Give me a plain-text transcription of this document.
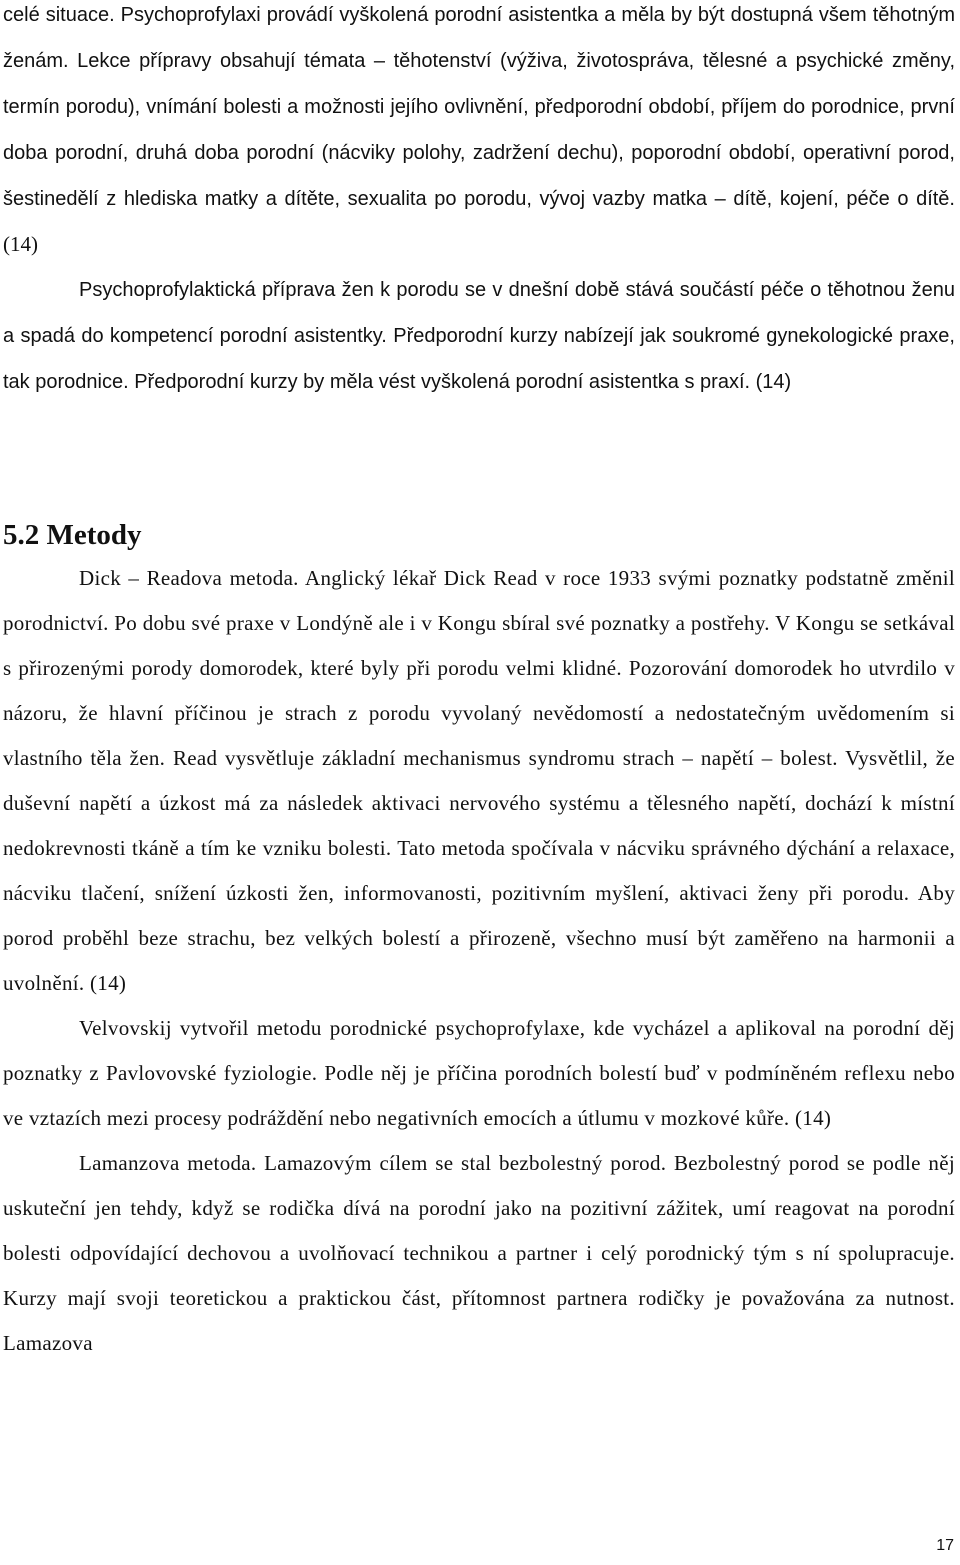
celé situace. Psychoprofylaxi provádí vyškolená porodní asistentka a měla by být dostupná všem těhotným ženám. Lekce přípravy obsahují témata – těhotenství (výživa, životospráva, tělesné a psychické změny, termín porodu), vnímání bolesti a možnosti jejího ovlivnění, předporodní období, příjem do porodnice, první doba porodní, druhá doba porodní (nácviky polohy, zadržení dechu), poporodní období, operativní porod, šestinedělí z hlediska matky a dítěte, sexualita po porodu, vývoj vazby matka – dítě, kojení, péče o dítě. (14)

Psychoprofylaktická příprava žen k porodu se v dnešní době stává součástí péče o těhotnou ženu a spadá do kompetencí porodní asistentky. Předporodní kurzy nabízejí jak soukromé gynekologické praxe, tak porodnice. Předporodní kurzy by měla vést vyškolená porodní asistentka s praxí. (14)

5.2 Metody

Dick – Readova metoda. Anglický lékař Dick Read v roce 1933 svými poznatky podstatně změnil porodnictví. Po dobu své praxe v Londýně ale i v Kongu sbíral své poznatky a postřehy. V Kongu se setkával s přirozenými porody domorodek, které byly při porodu velmi klidné. Pozorování domorodek ho utvrdilo v názoru, že hlavní příčinou je strach z porodu vyvolaný nevědomostí a nedostatečným uvědomením si vlastního těla žen. Read vysvětluje základní mechanismus syndromu strach – napětí – bolest. Vysvětlil, že duševní napětí a úzkost má za následek aktivaci nervového systému a tělesného napětí, dochází k místní nedokrevnosti tkáně a tím ke vzniku bolesti. Tato metoda spočívala v nácviku správného dýchání a relaxace, nácviku tlačení, snížení úzkosti žen, informovanosti, pozitivním myšlení, aktivaci ženy při porodu. Aby porod proběhl beze strachu, bez velkých bolestí a přirozeně, všechno musí být zaměřeno na harmonii a uvolnění. (14)

Velvovskij vytvořil metodu porodnické psychoprofylaxe, kde vycházel a aplikoval na porodní děj poznatky z Pavlovovské fyziologie. Podle něj je příčina porodních bolestí buď v podmíněném reflexu nebo ve vztazích mezi procesy podráždění nebo negativních emocích a útlumu v mozkové kůře. (14)

Lamanzova metoda. Lamazovým cílem se stal bezbolestný porod. Bezbolestný porod se podle něj uskuteční jen tehdy, když se rodička dívá na porodní jako na pozitivní zážitek, umí reagovat na porodní bolesti odpovídající dechovou a uvolňovací technikou a partner i celý porodnický tým s ní spolupracuje. Kurzy mají svoji teoretickou a praktickou část, přítomnost partnera rodičky je považována za nutnost. Lamazova

17
